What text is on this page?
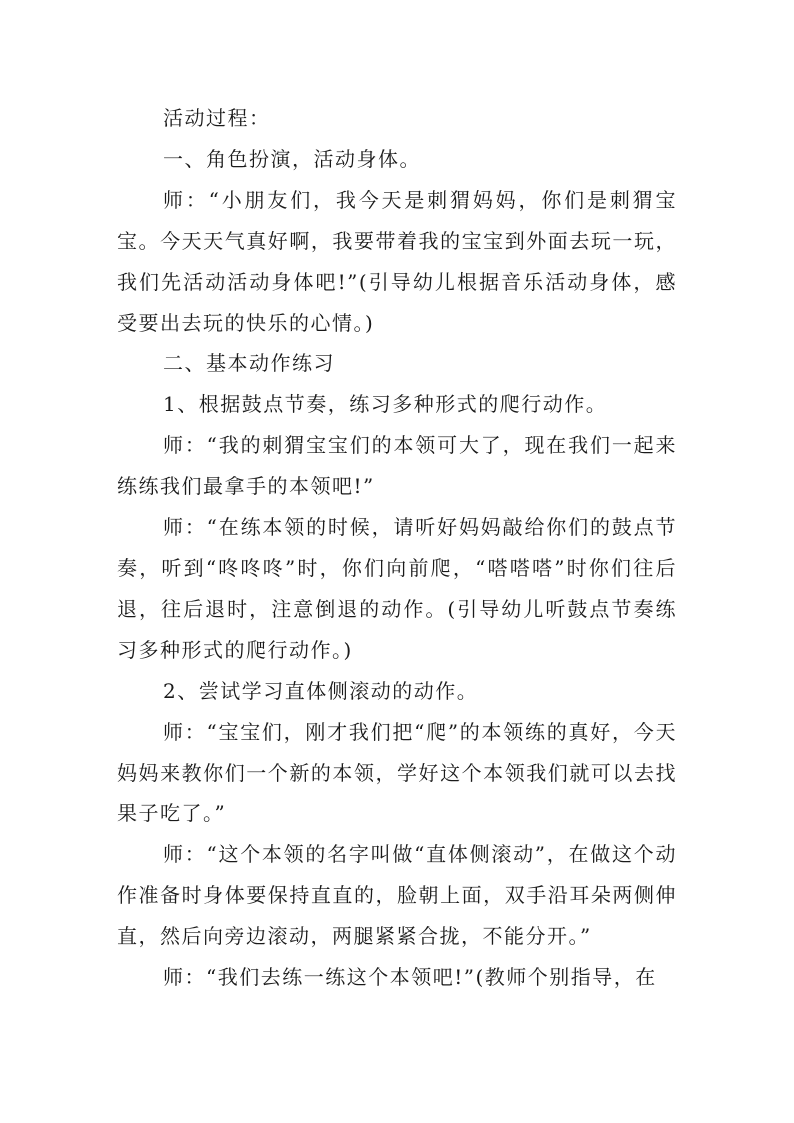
活动过程：

一、角色扮演，活动身体。

师：“小朋友们，我今天是刺猬妈妈，你们是刺猬宝宝。今天天气真好啊，我要带着我的宝宝到外面去玩一玩，我们先活动活动身体吧!”(引导幼儿根据音乐活动身体，感受要出去玩的快乐的心情。)

二、基本动作练习

1、根据鼓点节奏，练习多种形式的爬行动作。

师：“我的刺猬宝宝们的本领可大了，现在我们一起来练练我们最拿手的本领吧!”

师：“在练本领的时候，请听好妈妈敲给你们的鼓点节奏，听到“咚咚咚”时，你们向前爬，“嗒嗒嗒”时你们往后退，往后退时，注意倒退的动作。(引导幼儿听鼓点节奏练习多种形式的爬行动作。)

2、尝试学习直体侧滚动的动作。

师：“宝宝们，刚才我们把“爬”的本领练的真好，今天妈妈来教你们一个新的本领，学好这个本领我们就可以去找果子吃了。”

师：“这个本领的名字叫做“直体侧滚动”，在做这个动作准备时身体要保持直直的，脸朝上面，双手沿耳朵两侧伸直，然后向旁边滚动，两腿紧紧合拢，不能分开。”

师：“我们去练一练这个本领吧!”(教师个别指导，在
